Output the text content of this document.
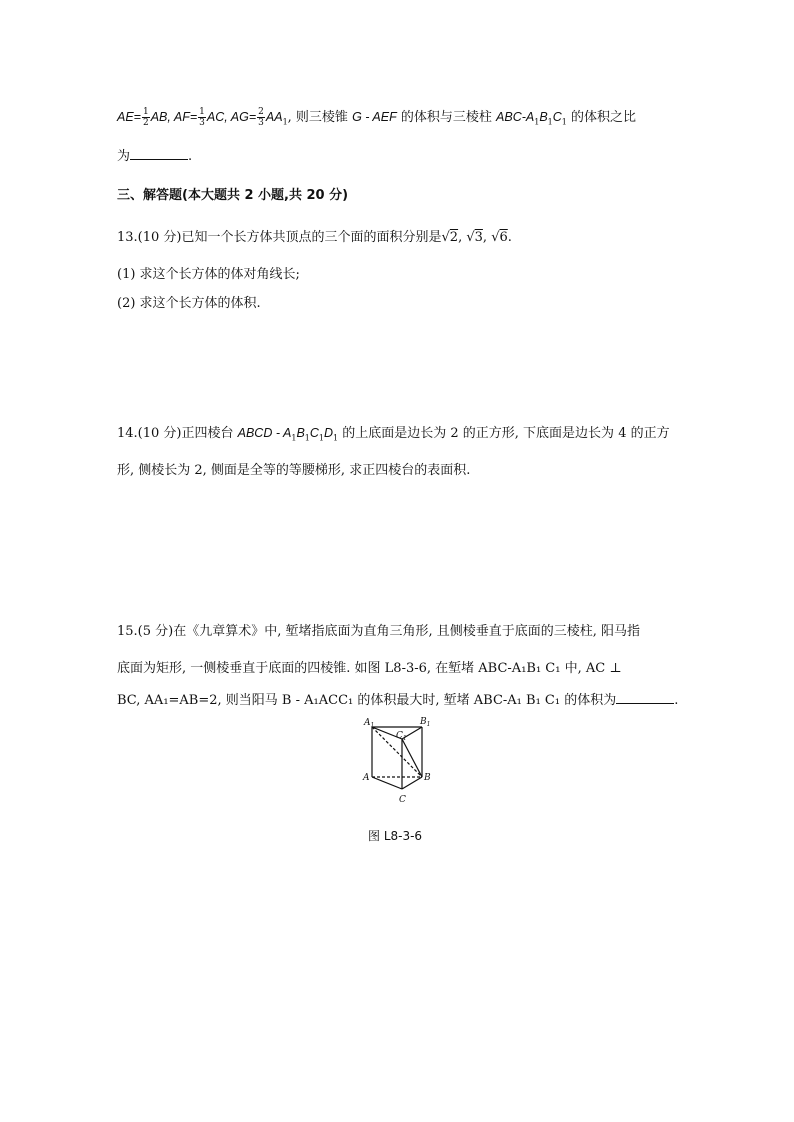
$AE= \frac{1}{2}$ AB, $AF= \frac{1}{3}$ AC, $AG= \frac{2}{3} AA_1$, 则三棱锥 G - AEF 的体积与三棱柱 ABC-$A_1B_1C_1$ 的体积之比
为	.
三、解答题(本大题共 2 小题,共 20 分)
13.(10 分)已知一个长方体共顶点的三个面的面积分别是√2, √3, √6.
(1) 求这个长方体的体对角线长;
(2) 求这个长方体的体积.
14.(10 分)正四棱台 ABCD - $A_1B_1C_1D_1$ 的上底面是边长为 2 的正方形, 下底面是边长为 4 的正方
形, 侧棱长为 2, 侧面是全等的等腰梯形, 求正四棱台的表面积.
15.(5 分)在《九章算术》中, 堑堵指底面为直角三角形, 且侧棱垂直于底面的三棱柱, 阳马指
底面为矩形, 一侧棱垂直于底面的四棱锥. 如图 L8-3-6, 在堑堵 ABC-A₁B₁ C₁ 中, AC ⊥
BC, AA₁=AB=2, 则当阳马 B - A₁ACC₁ 的体积最大时, 堑堵 ABC-A₁ B₁ C₁ 的体积为	.
$A_1$	$B_1$
$C_1$
A	B
C
图 L8-3-6
